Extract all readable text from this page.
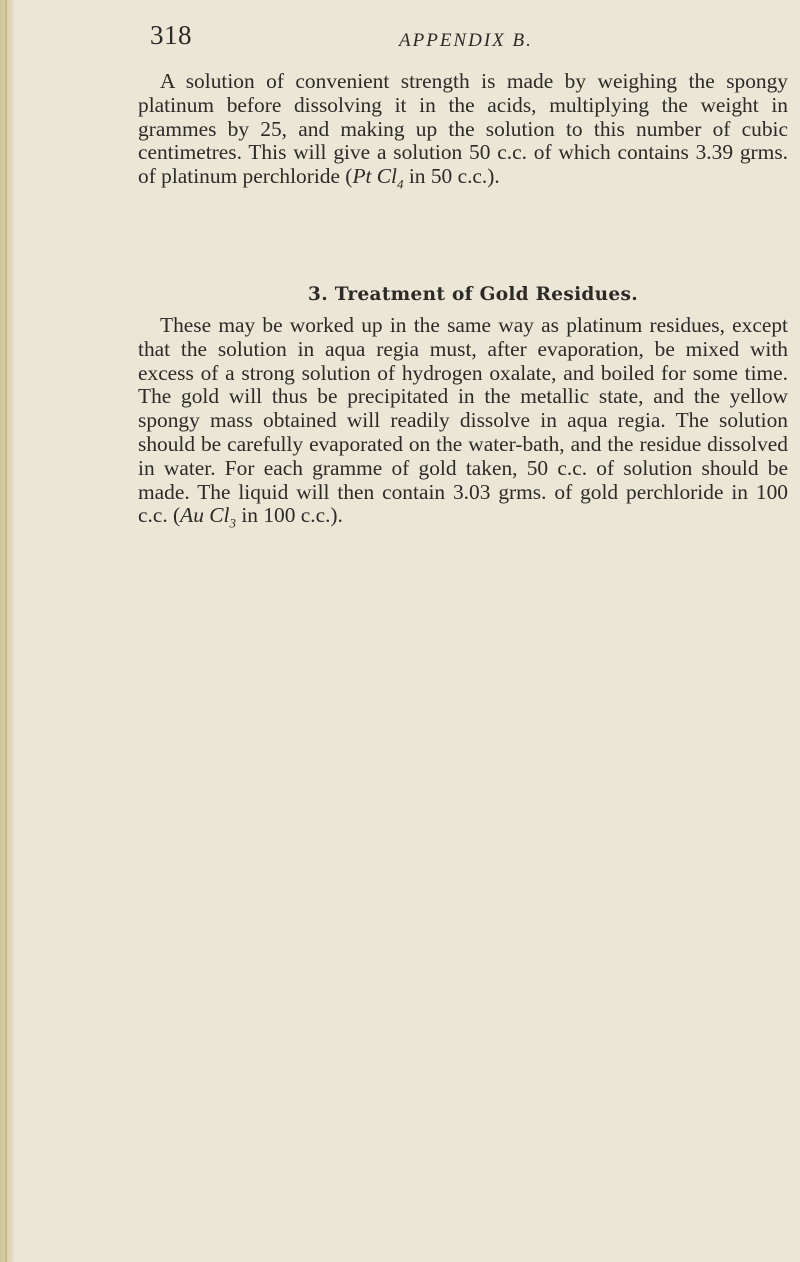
318	APPENDIX B.

A solution of convenient strength is made by weighing the spongy platinum before dissolving it in the acids, multiplying the weight in grammes by 25, and making up the solution to this number of cubic centimetres. This will give a solution 50 c.c. of which contains 3.39 grms. of platinum perchloride (Pt $Cl_4$ in 50 c.c.).

3. Treatment of Gold Residues.

These may be worked up in the same way as platinum residues, except that the solution in aqua regia must, after evaporation, be mixed with excess of a strong solution of hydrogen oxalate, and boiled for some time. The gold will thus be precipitated in the metallic state, and the yellow spongy mass obtained will readily dissolve in aqua regia. The solution should be carefully evaporated on the water-bath, and the residue dissolved in water. For each gramme of gold taken, 50 c.c. of solution should be made. The liquid will then contain 3.03 grms. of gold perchloride in 100 c.c. (Au $Cl_3$ in 100 c.c.).
